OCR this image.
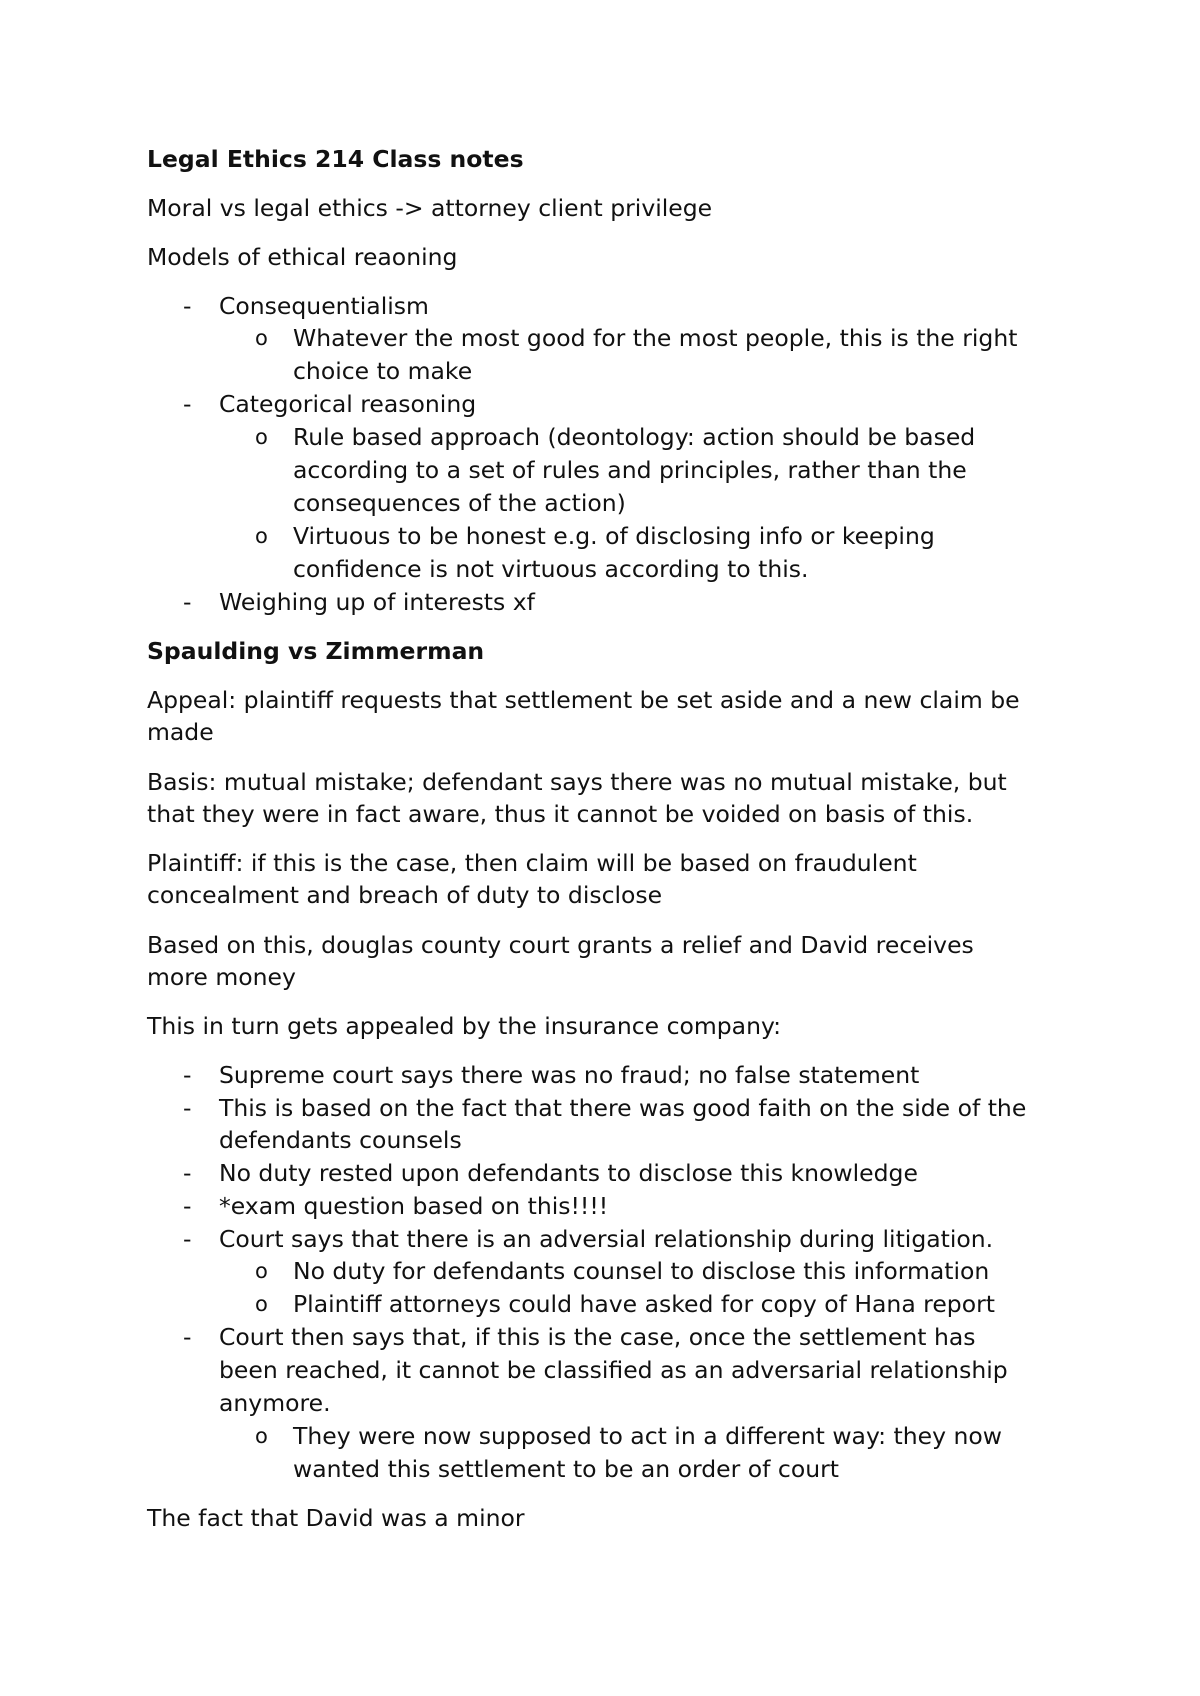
Legal Ethics 214 Class notes
Moral vs legal ethics -> attorney client privilege
Models of ethical reaoning
- Consequentialism
o Whatever the most good for the most people, this is the right
choice to make
- Categorical reasoning
o Rule based approach (deontology: action should be based
according to a set of rules and principles, rather than the
consequences of the action)
o Virtuous to be honest e.g. of disclosing info or keeping
confidence is not virtuous according to this.
- Weighing up of interests xf
Spaulding vs Zimmerman
Appeal: plaintiff requests that settlement be set aside and a new claim be
made
Basis: mutual mistake; defendant says there was no mutual mistake, but
that they were in fact aware, thus it cannot be voided on basis of this.
Plaintiff: if this is the case, then claim will be based on fraudulent
concealment and breach of duty to disclose
Based on this, douglas county court grants a relief and David receives
more money
This in turn gets appealed by the insurance company:
- Supreme court says there was no fraud; no false statement
- This is based on the fact that there was good faith on the side of the
defendants counsels
- No duty rested upon defendants to disclose this knowledge
- *exam question based on this!!!!
- Court says that there is an adversial relationship during litigation.
o No duty for defendants counsel to disclose this information
o Plaintiff attorneys could have asked for copy of Hana report
- Court then says that, if this is the case, once the settlement has
been reached, it cannot be classified as an adversarial relationship
anymore.
o They were now supposed to act in a different way: they now
wanted this settlement to be an order of court
The fact that David was a minor
